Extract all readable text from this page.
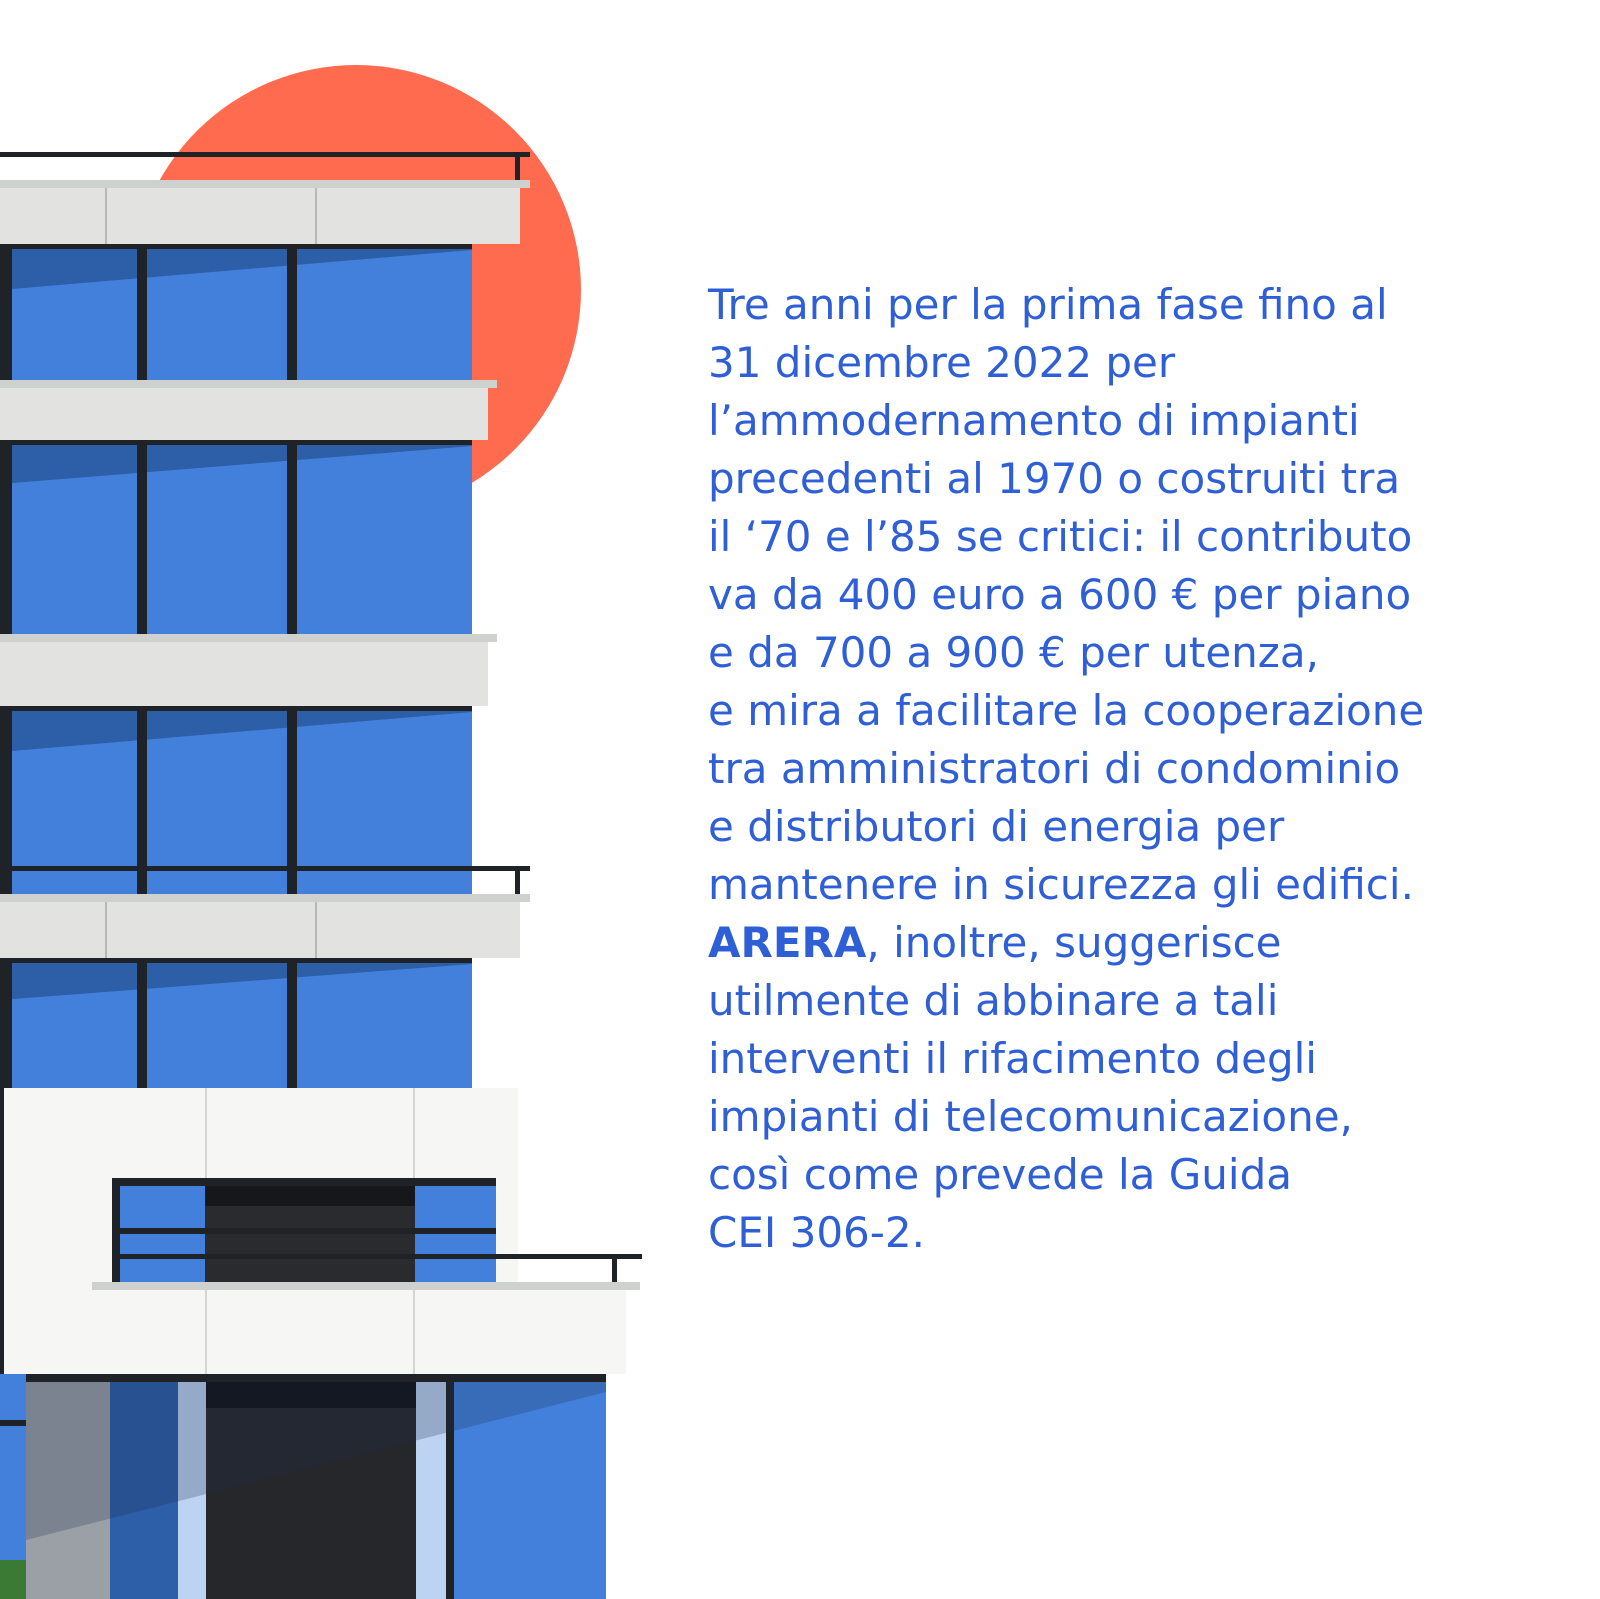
Tre anni per la prima fase fino al
31 dicembre 2022 per
l’ammodernamento di impianti
precedenti al 1970 o costruiti tra
il ‘70 e l’85 se critici: il contributo
va da 400 euro a 600 € per piano
e da 700 a 900 € per utenza,
e mira a facilitare la cooperazione
tra amministratori di condominio
e distributori di energia per
mantenere in sicurezza gli edifici.

ARERA, inoltre, suggerisce
utilmente di abbinare a tali
interventi il rifacimento degli
impianti di telecomunicazione,
così come prevede la Guida
CEI 306-2.
